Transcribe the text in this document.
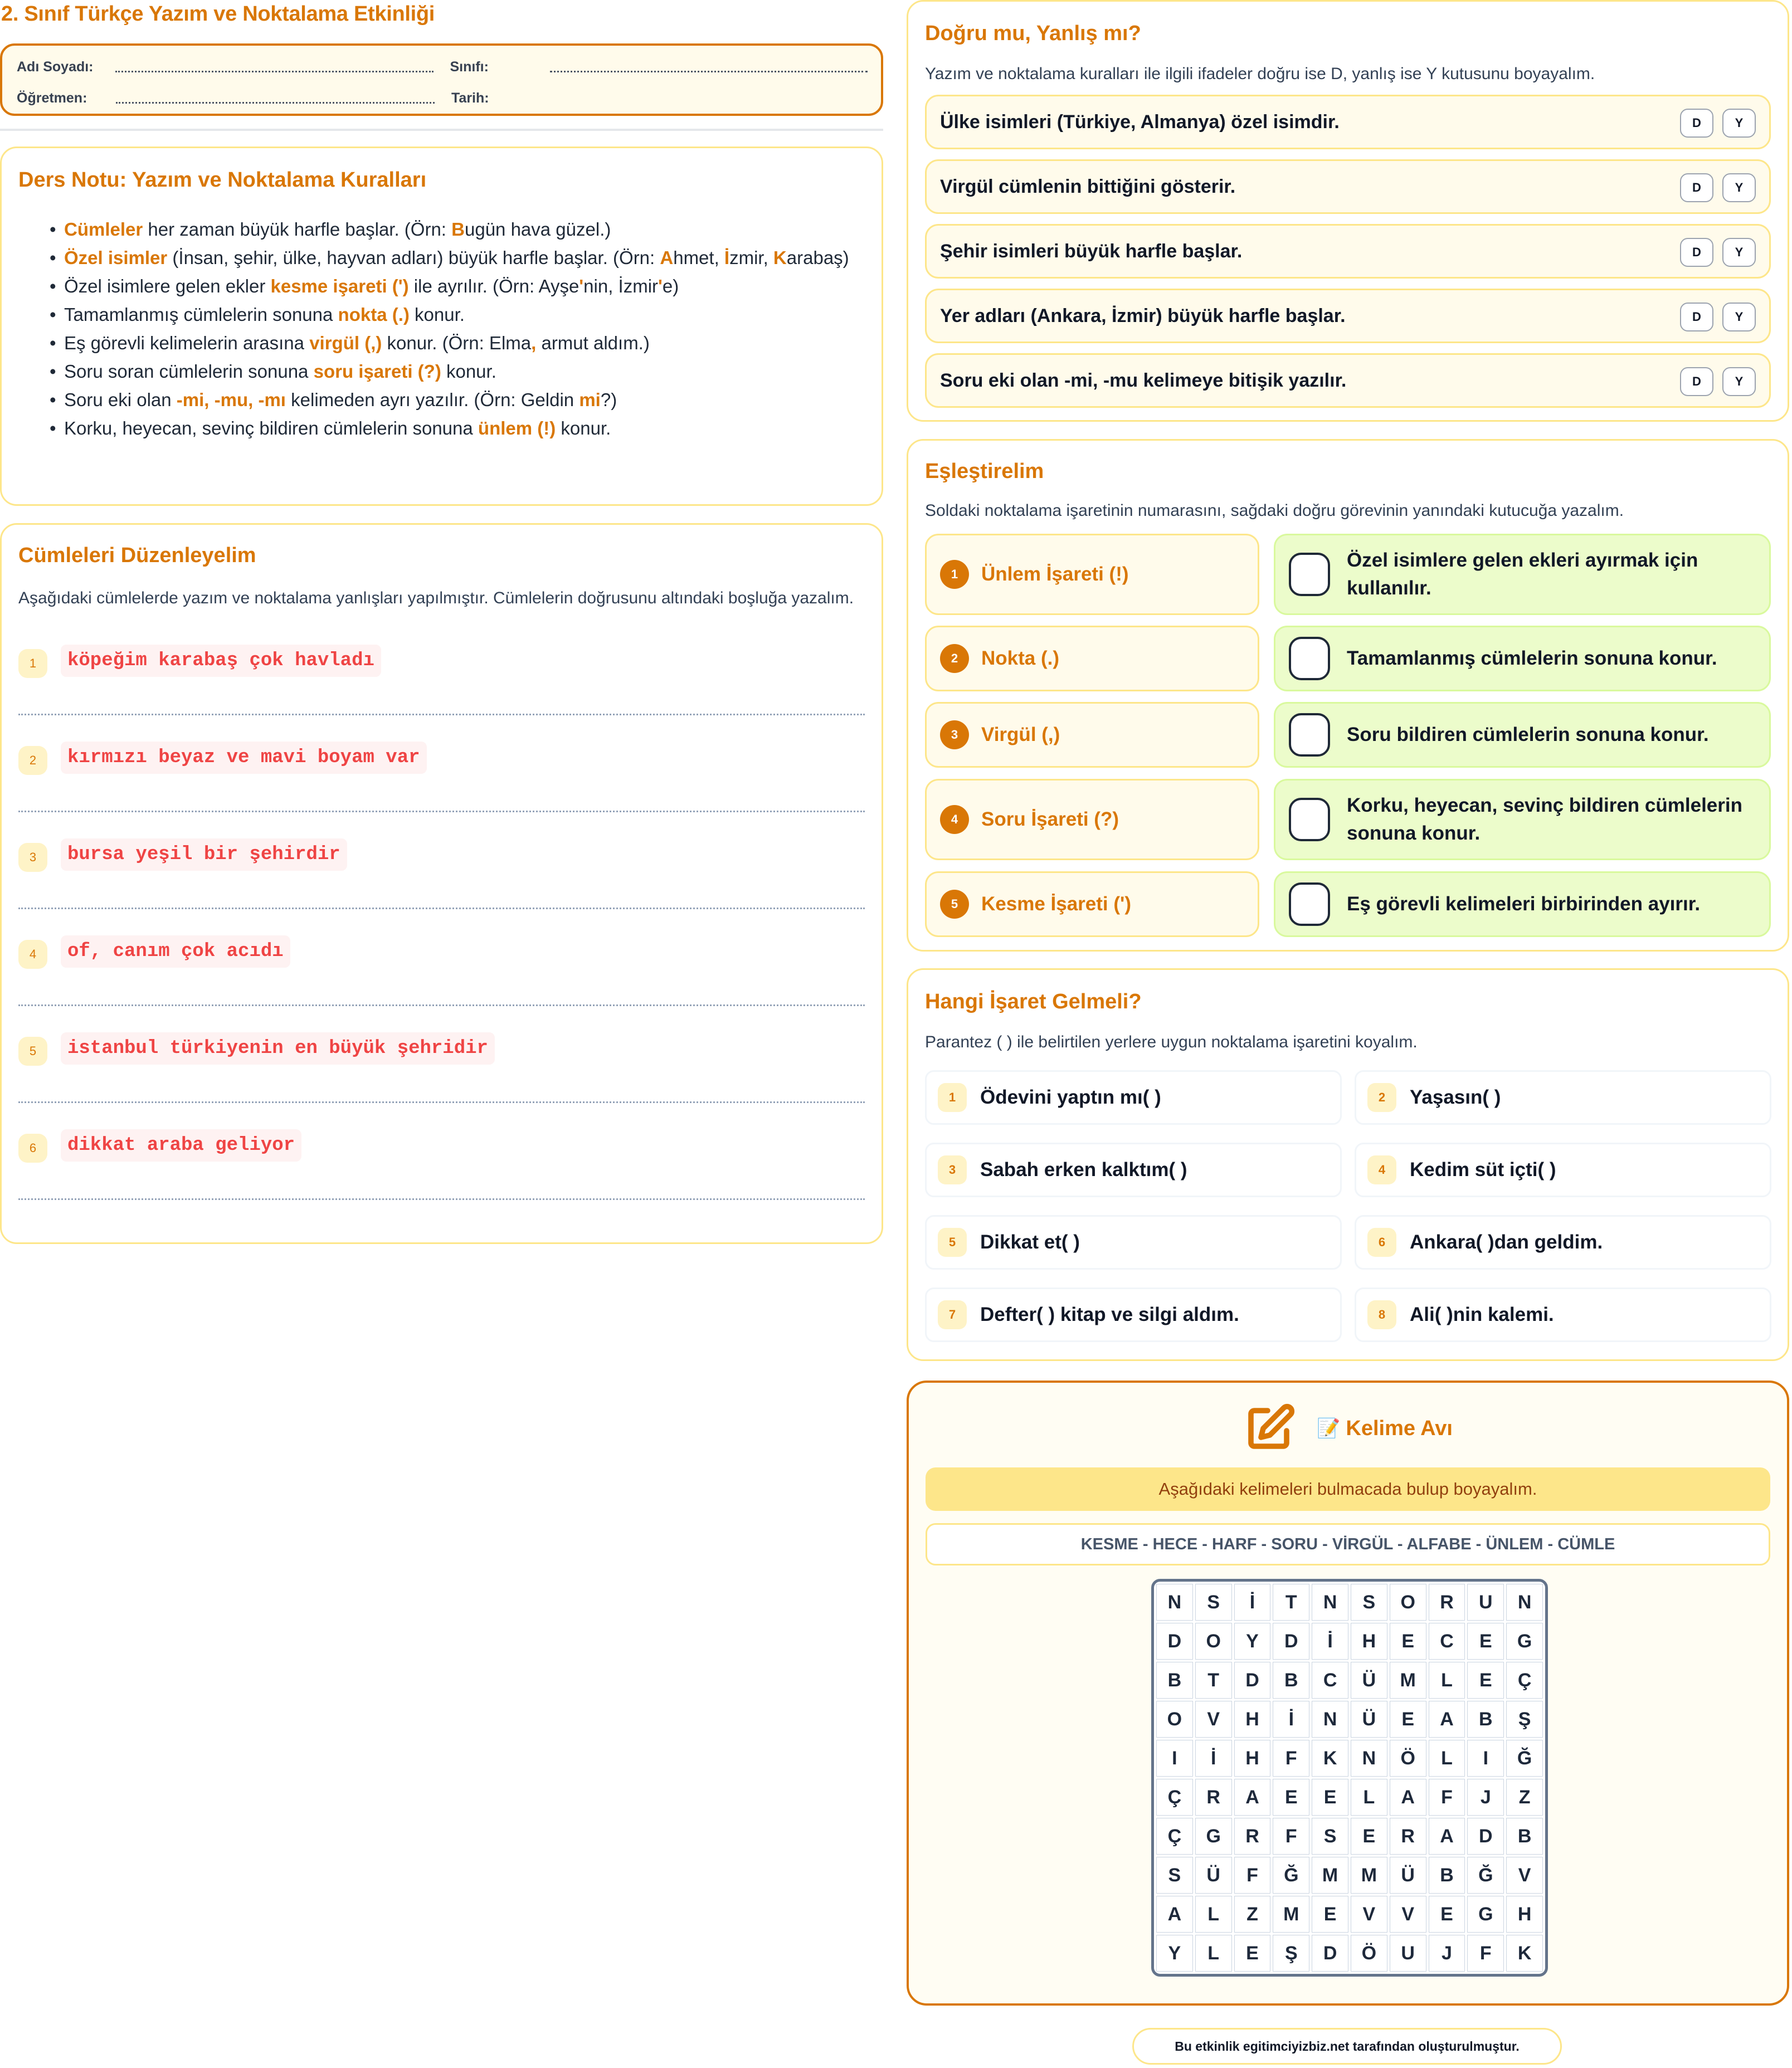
2. Sınıf Türkçe Yazım ve Noktalama Etkinliği
Adı Soyadı:	Sınıfı:
Öğretmen:	Tarih:
Ders Notu: Yazım ve Noktalama Kuralları
• Cümleler her zaman büyük harfle başlar. (Örn: Bugün hava güzel.)
• Özel isimler (İnsan, şehir, ülke, hayvan adları) büyük harfle başlar. (Örn: Ahmet, İzmir, Karabaş)
• Özel isimlere gelen ekler kesme işareti (') ile ayrılır. (Örn: Ayşe'nin, İzmir'e)
• Tamamlanmış cümlelerin sonuna nokta (.) konur.
• Eş görevli kelimelerin arasına virgül (,) konur. (Örn: Elma, armut aldım.)
• Soru soran cümlelerin sonuna soru işareti (?) konur.
• Soru eki olan -mi, -mu, -mı kelimeden ayrı yazılır. (Örn: Geldin mi?)
• Korku, heyecan, sevinç bildiren cümlelerin sonuna ünlem (!) konur.
Cümleleri Düzenleyelim

Aşağıdaki cümlelerde yazım ve noktalama yanlışları yapılmıştır. Cümlelerin doğrusunu altındaki boşluğa yazalım.

1	köpeğim karabaş çok havladı
2	kırmızı beyaz ve mavi boyam var
3	bursa yeşil bir şehirdir
4	of, canım çok acıdı
5	istanbul türkiyenin en büyük şehridir
6	dikkat araba geliyor
Doğru mu, Yanlış mı?

Yazım ve noktalama kuralları ile ilgili ifadeler doğru ise D, yanlış ise Y kutusunu boyayalım.

Ülke isimleri (Türkiye, Almanya) özel isimdir.	D	Y
Virgül cümlenin bittiğini gösterir.	D	Y
Şehir isimleri büyük harfle başlar.	D	Y
Yer adları (Ankara, İzmir) büyük harfle başlar.	D	Y
Soru eki olan -mi, -mu kelimeye bitişik yazılır.	D	Y
Eşleştirelim

Soldaki noktalama işaretinin numarasını, sağdaki doğru görevinin yanındaki kutucuğa yazalım.

1	Ünlem İşareti (!)
Özel isimlere gelen ekleri ayırmak için kullanılır.
2	Nokta (.)	Tamamlanmış cümlelerin sonuna konur.
3	Virgül (,)	Soru bildiren cümlelerin sonuna konur.
4	Soru İşareti (?)
Korku, heyecan, sevinç bildiren cümlelerin sonuna konur.
5	Kesme İşareti (')	Eş görevli kelimeleri birbirinden ayırır.
Hangi İşaret Gelmeli?

Parantez ( ) ile belirtilen yerlere uygun noktalama işaretini koyalım.

1	Ödevini yaptın mı( )	2	Yaşasın( )
3	Sabah erken kalktım( )	4	Kedim süt içti( )
5	Dikkat et( )	6	Ankara( )dan geldim.
7	Defter( ) kitap ve silgi aldım.	8	Ali( )nin kalemi.
📝 Kelime Avı
Aşağıdaki kelimeleri bulmacada bulup boyayalım.
KESME - HECE - HARF - SORU - VİRGÜL - ALFABE - ÜNLEM - CÜMLE
N	S	İ	T	N	S	O	R	U	N
D	O	Y	D	İ	H	E	C	E	G
B	T	D	B	C	Ü	M	L	E	Ç
O	V	H	İ	N	Ü	E	A	B	Ş
I	İ	H	F	K	N	Ö	L	I	Ğ
Ç	R	A	E	E	L	A	F	J	Z
Ç	G	R	F	S	E	R	A	D	B
S	Ü	F	Ğ	M	M	Ü	B	Ğ	V
A	L	Z	M	E	V	V	E	G	H
Y	L	E	Ş	D	Ö	U	J	F	K
Bu etkinlik egitimciyizbiz.net tarafından oluşturulmuştur.
